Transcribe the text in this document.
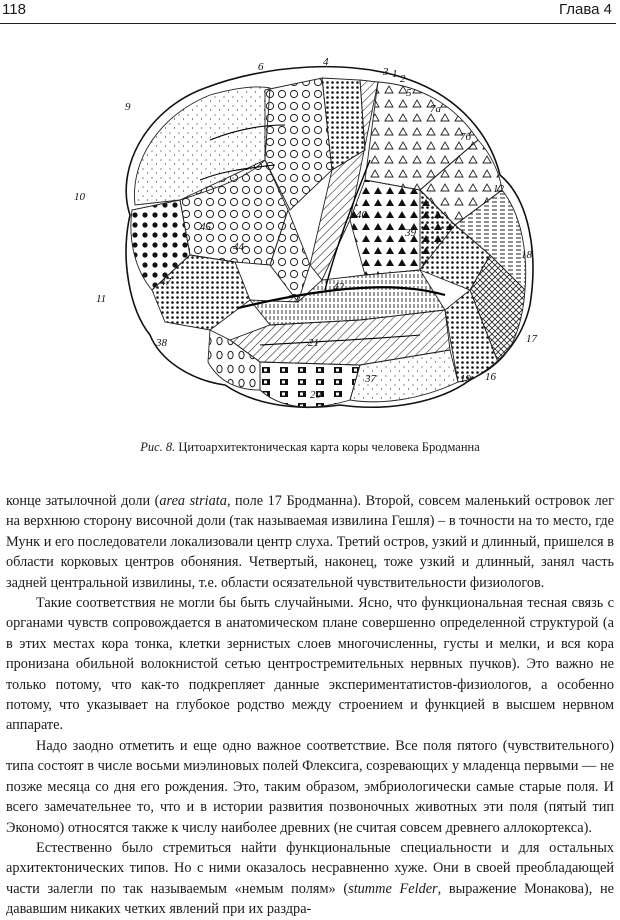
118	Глава 4
6	4
3 1 2
5
7a
7б
9
10
11
12
18
17
19 16
20
37
21
22
42
38
39
40
44
45
47
Рис. 8. Цитоархитектоническая карта коры человека Бродманна

конце затылочной доли (area striata, поле 17 Бродманна). Второй, совсем маленький островок лег на верхнюю сторону височной доли (так называемая извилина Гешля) – в точности на то место, где Мунк и его последователи локализовали центр слуха. Третий остров, узкий и длинный, пришелся в области корковых центров обоняния. Четвертый, наконец, тоже узкий и длинный, занял часть задней центральной извилины, т.е. области осязательной чувствительности физиологов.

Такие соответствия не могли бы быть случайными. Ясно, что функциональная тесная связь с органами чувств сопровождается в анатомическом плане совершенно определенной структурой (а в этих местах кора тонка, клетки зернистых слоев многочисленны, густы и мелки, и вся кора пронизана обильной волокнистой сетью центростремительных нервных пучков). Это важно не только потому, что как-то подкрепляет данные экспериментатистов-физиологов, а особенно потому, что указывает на глубокое родство между строением и функцией в высшем нервном аппарате.

Надо заодно отметить и еще одно важное соответствие. Все поля пятого (чувствительного) типа состоят в числе восьми миэлиновых полей Флексига, созревающих у младенца первыми — не позже месяца со дня его рождения. Это, таким образом, эмбриологически самые старые поля. И всего замечательнее то, что и в истории развития позвоночных животных эти поля (пятый тип Экономо) относятся также к числу наиболее древних (не считая совсем древнего аллокортекса).

Естественно было стремиться найти функциональные специальности и для остальных архитектонических типов. Но с ними оказалось несравненно хуже. Они в своей преобладающей части залегли по так называемым «немым полям» (stumme Felder, выражение Монакова), не дававшим никаких четких явлений при их раздра-
